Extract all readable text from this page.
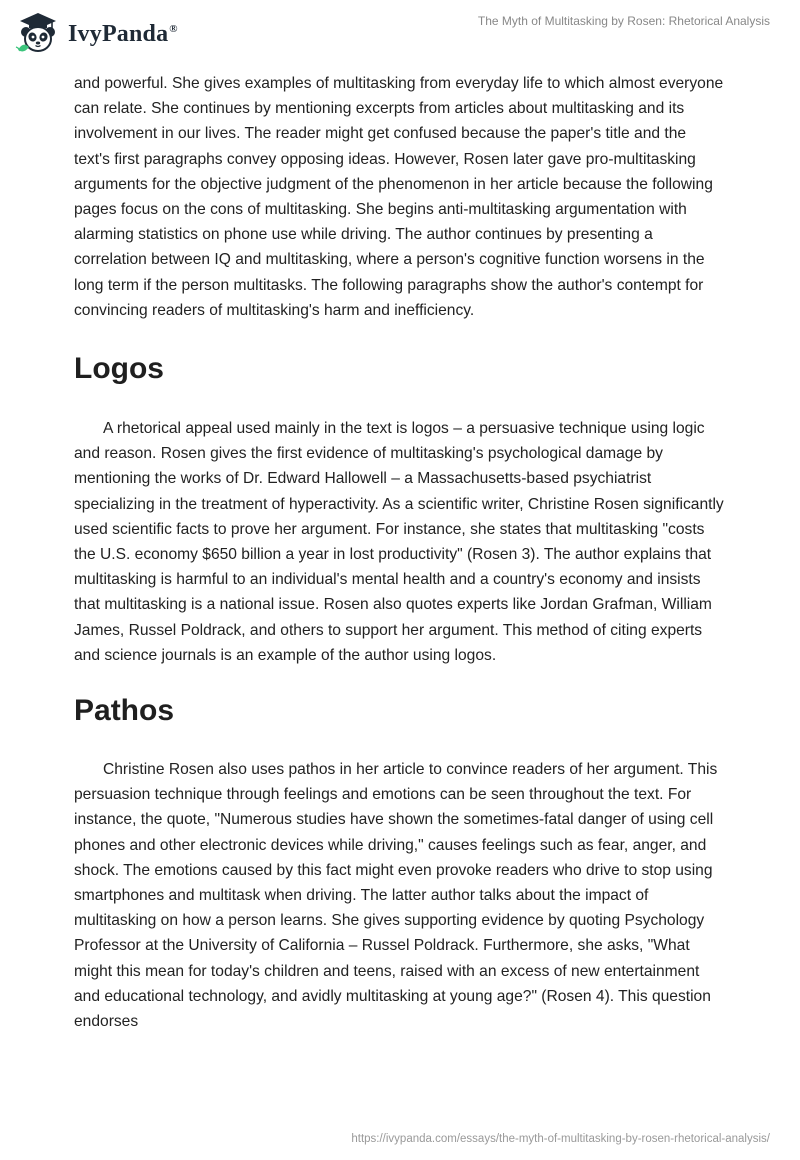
IvyPanda®
The Myth of Multitasking by Rosen: Rhetorical Analysis

and powerful. She gives examples of multitasking from everyday life to which almost everyone can relate. She continues by mentioning excerpts from articles about multitasking and its involvement in our lives. The reader might get confused because the paper's title and the text's first paragraphs convey opposing ideas. However, Rosen later gave pro-multitasking arguments for the objective judgment of the phenomenon in her article because the following pages focus on the cons of multitasking. She begins anti-multitasking argumentation with alarming statistics on phone use while driving. The author continues by presenting a correlation between IQ and multitasking, where a person's cognitive function worsens in the long term if the person multitasks. The following paragraphs show the author's contempt for convincing readers of multitasking's harm and inefficiency.

Logos

A rhetorical appeal used mainly in the text is logos – a persuasive technique using logic and reason. Rosen gives the first evidence of multitasking's psychological damage by mentioning the works of Dr. Edward Hallowell – a Massachusetts-based psychiatrist specializing in the treatment of hyperactivity. As a scientific writer, Christine Rosen significantly used scientific facts to prove her argument. For instance, she states that multitasking "costs the U.S. economy $650 billion a year in lost productivity" (Rosen 3). The author explains that multitasking is harmful to an individual's mental health and a country's economy and insists that multitasking is a national issue. Rosen also quotes experts like Jordan Grafman, William James, Russel Poldrack, and others to support her argument. This method of citing experts and science journals is an example of the author using logos.

Pathos

Christine Rosen also uses pathos in her article to convince readers of her argument. This persuasion technique through feelings and emotions can be seen throughout the text. For instance, the quote, "Numerous studies have shown the sometimes-fatal danger of using cell phones and other electronic devices while driving," causes feelings such as fear, anger, and shock. The emotions caused by this fact might even provoke readers who drive to stop using smartphones and multitask when driving. The latter author talks about the impact of multitasking on how a person learns. She gives supporting evidence by quoting Psychology Professor at the University of California – Russel Poldrack. Furthermore, she asks, "What might this mean for today's children and teens, raised with an excess of new entertainment and educational technology, and avidly multitasking at young age?" (Rosen 4). This question endorses

https://ivypanda.com/essays/the-myth-of-multitasking-by-rosen-rhetorical-analysis/
